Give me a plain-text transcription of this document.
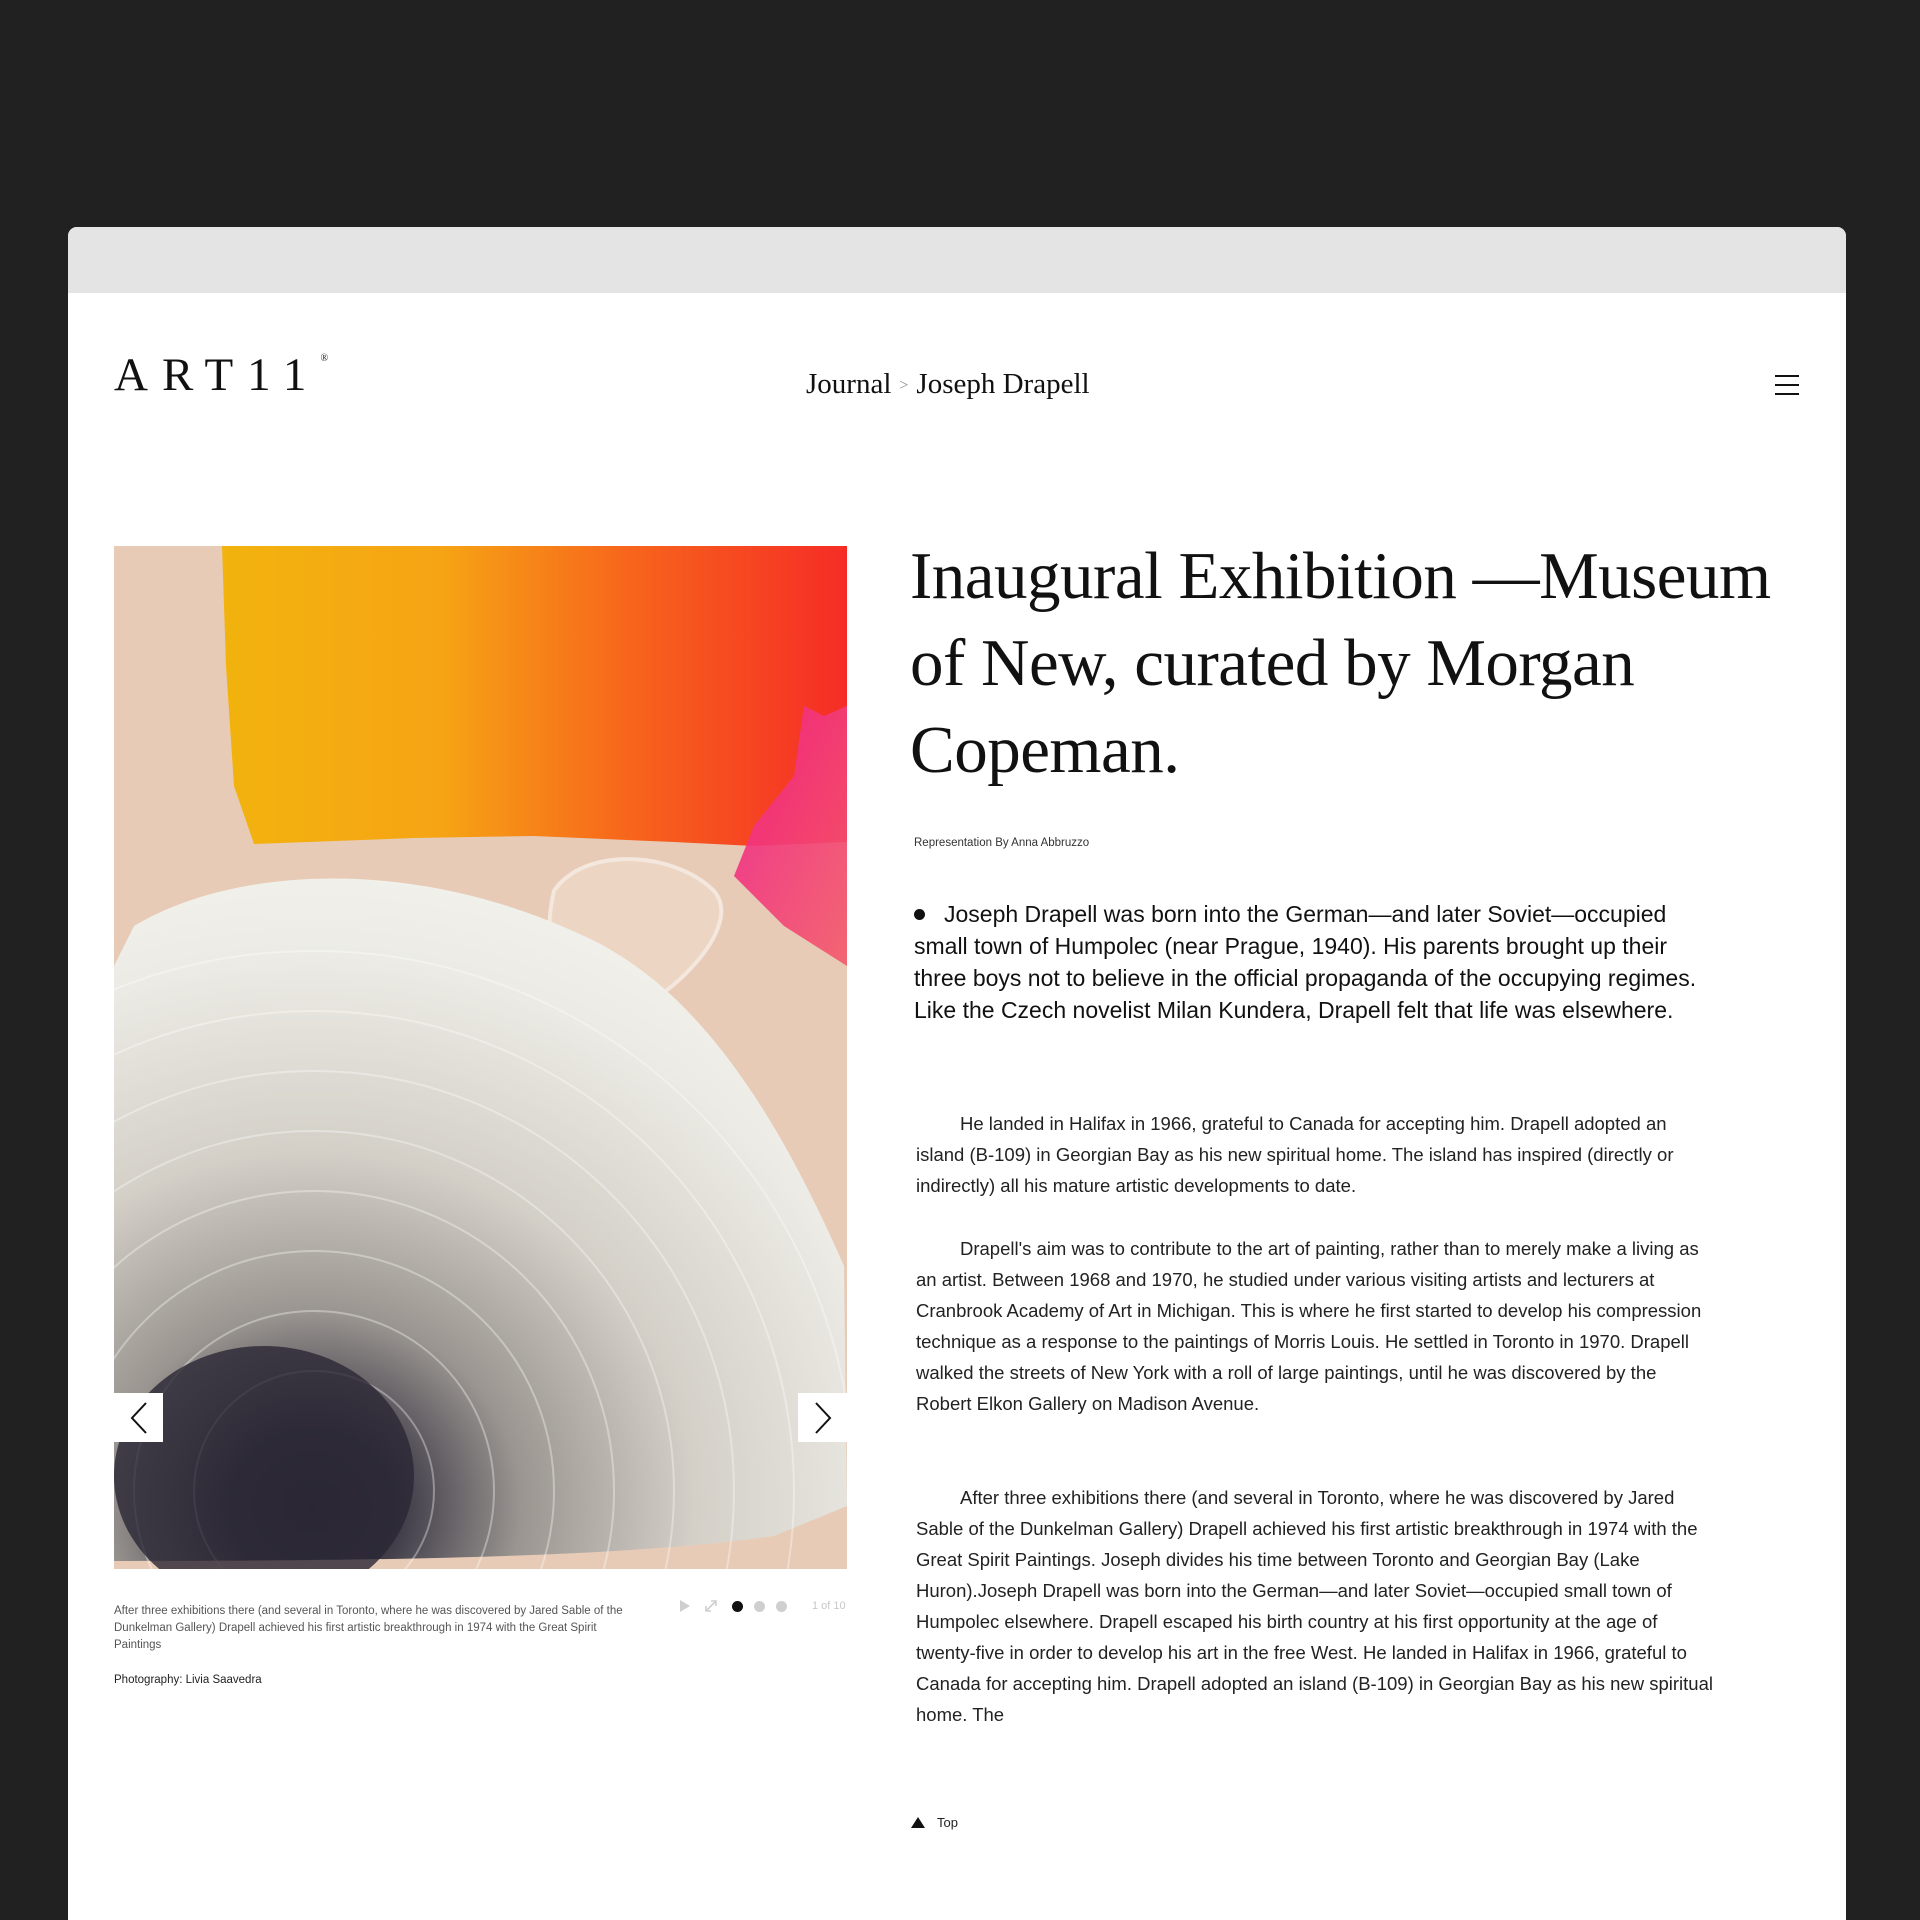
ART11®
Journal > Joseph Drapell
After three exhibitions there (and several in Toronto, where he was discovered by Jared Sable of the Dunkelman Gallery) Drapell achieved his first artistic breakthrough in 1974 with the Great Spirit Paintings
Photography: Livia Saavedra
1 of 10
Inaugural Exhibition —Museum of New, curated by Morgan Copeman.
Representation By Anna Abbruzzo
Joseph Drapell was born into the German—and later Soviet—occupied small town of Humpolec (near Prague, 1940). His parents brought up their three boys not to believe in the official propaganda of the occupying regimes. Like the Czech novelist Milan Kundera, Drapell felt that life was elsewhere.

He landed in Halifax in 1966, grateful to Canada for accepting him. Drapell adopted an island (B-109) in Georgian Bay as his new spiritual home. The island has inspired (directly or indirectly) all his mature artistic developments to date.

Drapell's aim was to contribute to the art of painting, rather than to merely make a living as an artist. Between 1968 and 1970, he studied under various visiting artists and lecturers at Cranbrook Academy of Art in Michigan. This is where he first started to develop his compression technique as a response to the paintings of Morris Louis. He settled in Toronto in 1970. Drapell walked the streets of New York with a roll of large paintings, until he was discovered by the Robert Elkon Gallery on Madison Avenue.

After three exhibitions there (and several in Toronto, where he was discovered by Jared Sable of the Dunkelman Gallery) Drapell achieved his first artistic breakthrough in 1974 with the Great Spirit Paintings. Joseph divides his time between Toronto and Georgian Bay (Lake Huron).Joseph Drapell was born into the German—and later Soviet—occupied small town of Humpolec elsewhere. Drapell escaped his birth country at his first opportunity at the age of twenty-five in order to develop his art in the free West. He landed in Halifax in 1966, grateful to Canada for accepting him. Drapell adopted an island (B-109) in Georgian Bay as his new spiritual home. The

Top
